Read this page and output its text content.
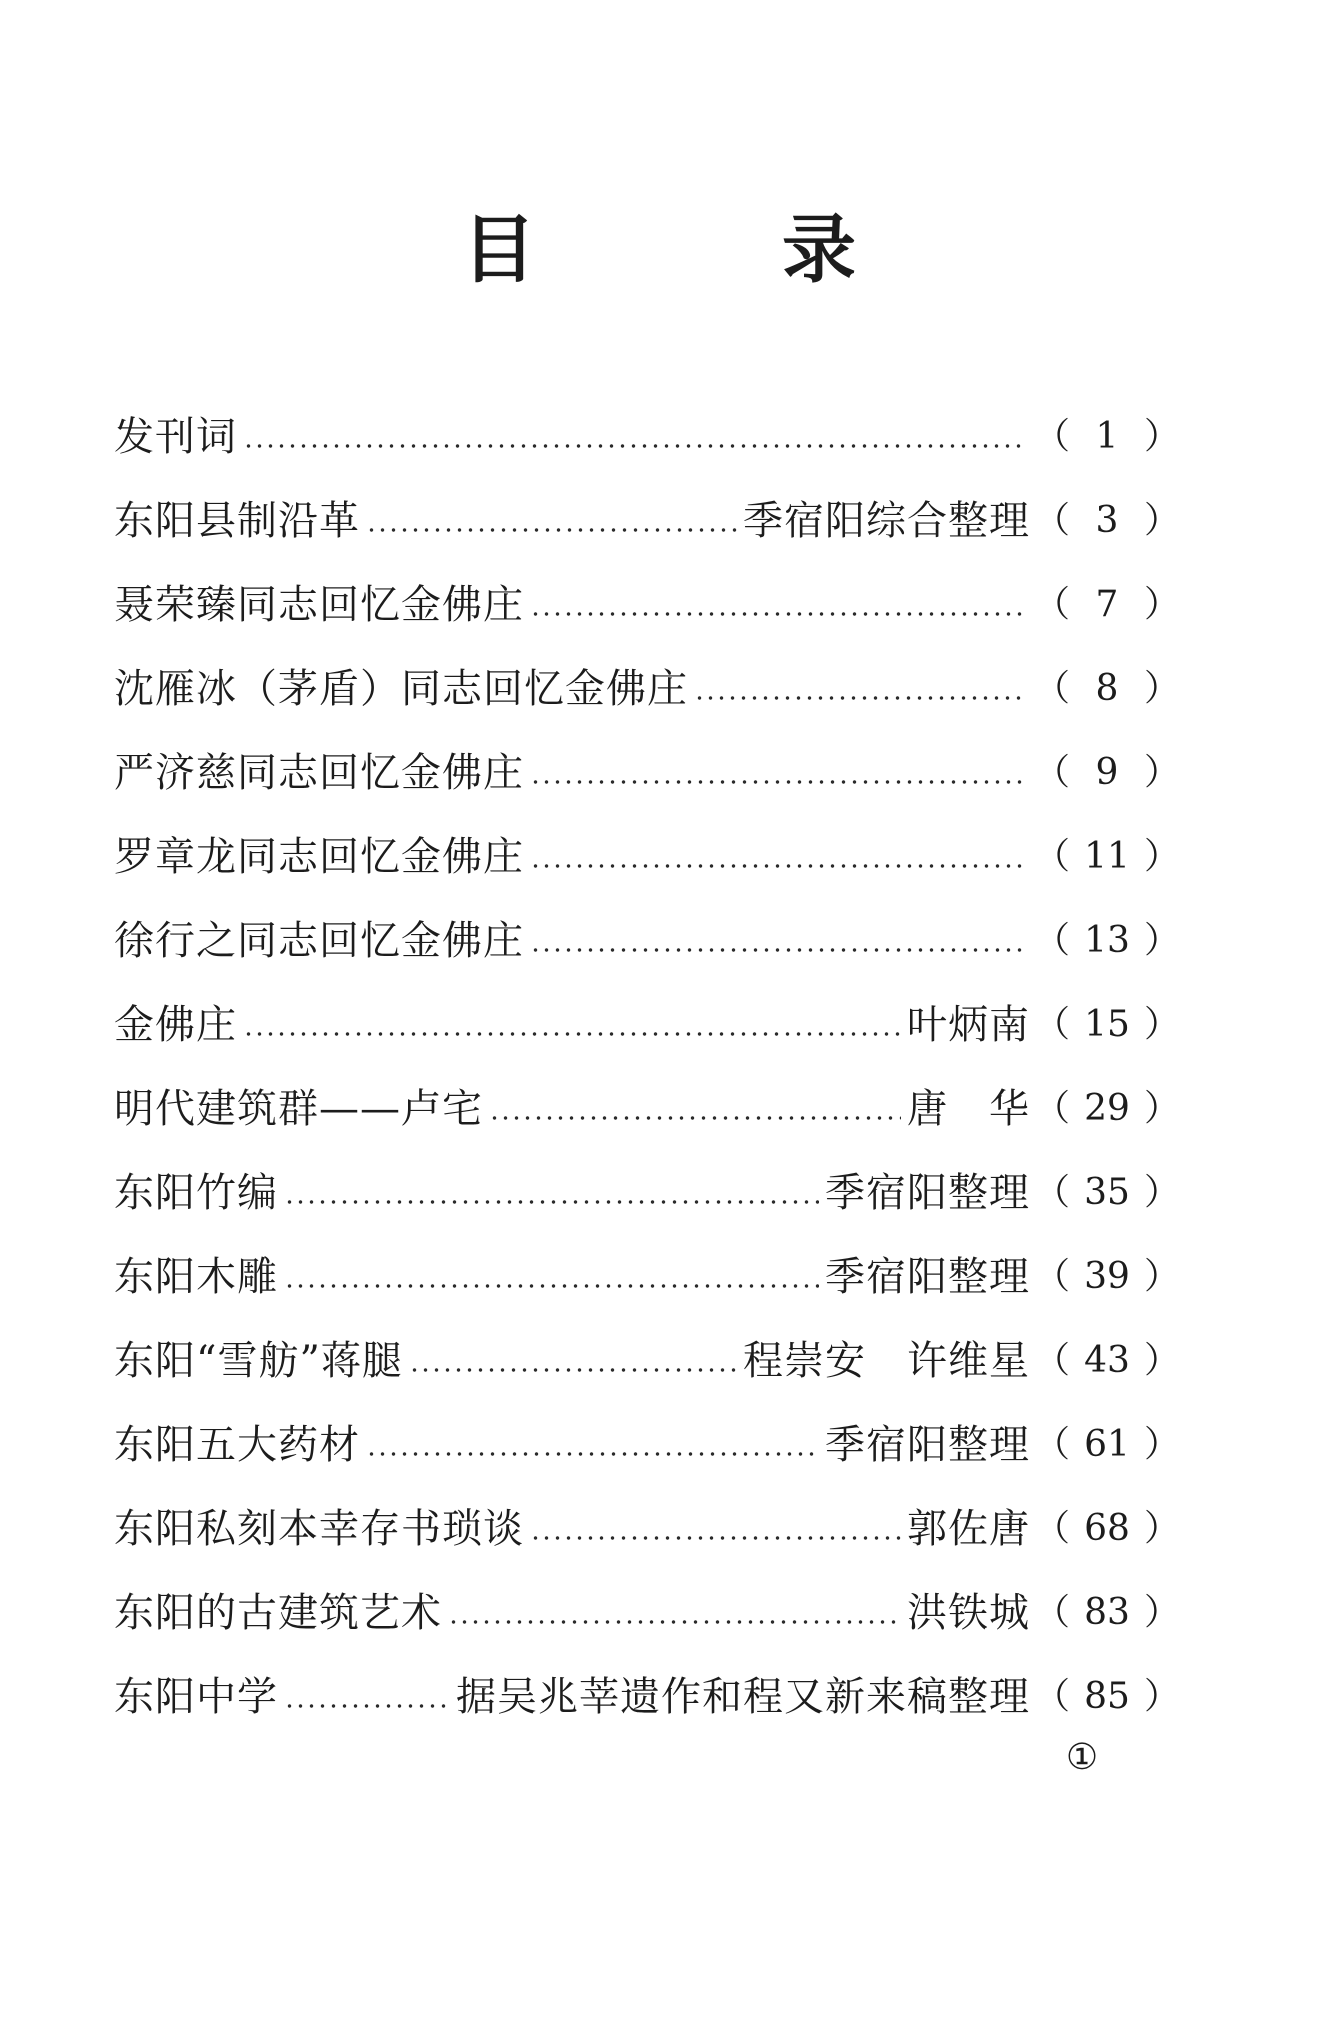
目	录
发刊词	（ 1 ）
东阳县制沿革	季宿阳综合整理 （ 3 ）
聂荣臻同志回忆金佛庄	（ 7 ）
沈雁冰（茅盾）同志回忆金佛庄	（ 8 ）
严济慈同志回忆金佛庄	（ 9 ）
罗章龙同志回忆金佛庄	（ 11 ）
徐行之同志回忆金佛庄	（ 13 ）
金佛庄	叶炳南 （ 15 ）
明代建筑群——卢宅	唐　华 （ 29 ）
东阳竹编	季宿阳整理 （ 35 ）
东阳木雕	季宿阳整理 （ 39 ）
东阳“雪舫”蒋腿	程崇安　许维星 （ 43 ）
东阳五大药材	季宿阳整理 （ 61 ）
东阳私刻本幸存书琐谈	郭佐唐 （ 68 ）
东阳的古建筑艺术	洪铁城 （ 83 ）
东阳中学	据吴兆莘遗作和程又新来稿整理 （ 85 ）
①
